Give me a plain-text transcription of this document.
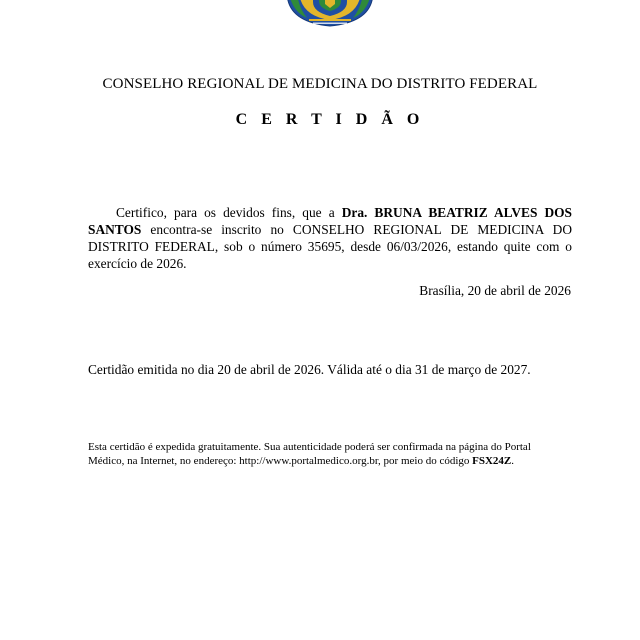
CONSELHO REGIONAL DE MEDICINA DO DISTRITO FEDERAL
C E R T I D Ã O

Certifico, para os devidos fins, que a Dra. BRUNA BEATRIZ ALVES DOS SANTOS encontra-se inscrito no CONSELHO REGIONAL DE MEDICINA DO DISTRITO FEDERAL, sob o número 35695, desde 06/03/2026, estando quite com o exercício de 2026.

Brasília, 20 de abril de 2026
Certidão emitida no dia 20 de abril de 2026. Válida até o dia 31 de março de 2027.

Esta certidão é expedida gratuitamente. Sua autenticidade poderá ser confirmada na página do Portal Médico, na Internet, no endereço: http://www.portalmedico.org.br, por meio do código FSX24Z.
